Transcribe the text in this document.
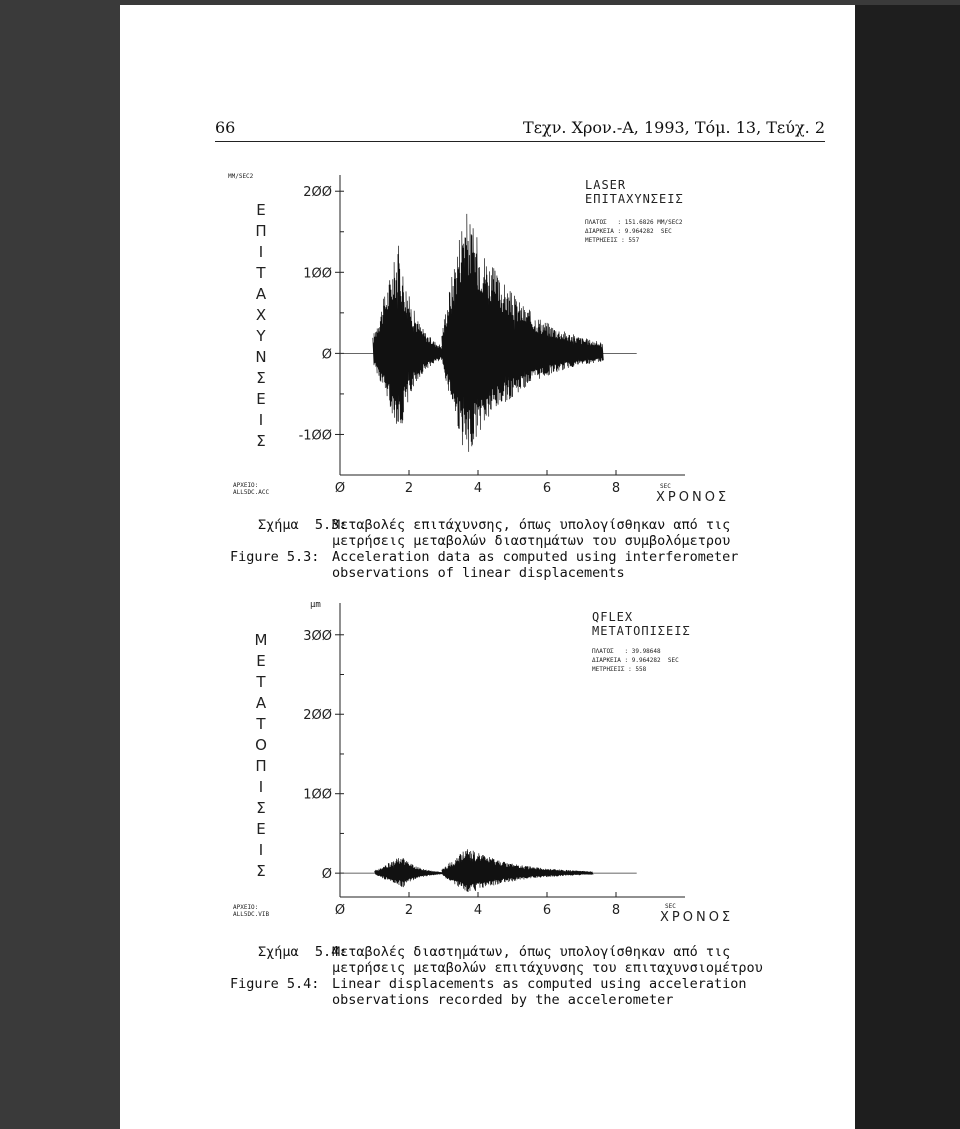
66	Τεχν. Χρον.-Α, 1993, Τόμ. 13, Τεύχ. 2
MM/SEC2
Ε
Π
Ι
Τ
Α
Χ
Υ
Ν
Σ
Ε
Ι
Σ
ΑΡΧΕΙΟ:
ALL5DC.ACC
2ØØ
1ØØ
Ø
-1ØØ
Ø	2	4	6	8
LASER
ΕΠΙΤΑΧΥΝΣΕΙΣ
ΠΛΑΤΟΣ   : 151.6826 MM/SEC2
ΔΙΑΡΚΕΙΑ : 9.964282  SEC
ΜΕΤΡΗΣΕΙΣ : 557
SEC
ΧΡΟΝΟΣ
Σχήμα  5.3:
Μεταβολές επιτάχυνσης, όπως υπολογίσθηκαν από τις
μετρήσεις μεταβολών διαστημάτων του συμβολόμετρου
Figure 5.3: Acceleration data as computed using interferometer
observations of linear displacements
μm
Μ
Ε
Τ
Α
Τ
Ο
Π
Ι
Σ
Ε
Ι
Σ
ΑΡΧΕΙΟ:
ALL5DC.VIB
3ØØ
2ØØ
1ØØ
Ø
Ø	2	4	6	8
QFLEX
ΜΕΤΑΤΟΠΙΣΕΙΣ
ΠΛΑΤΟΣ   : 39.98648
ΔΙΑΡΚΕΙΑ : 9.964282  SEC
ΜΕΤΡΗΣΕΙΣ : 558
SEC
ΧΡΟΝΟΣ
Σχήμα  5.4:
Μεταβολές διαστημάτων, όπως υπολογίσθηκαν από τις
μετρήσεις μεταβολών επιτάχυνσης του επιταχυνσιομέτρου
Figure 5.4: Linear displacements as computed using acceleration
observations recorded by the accelerometer
